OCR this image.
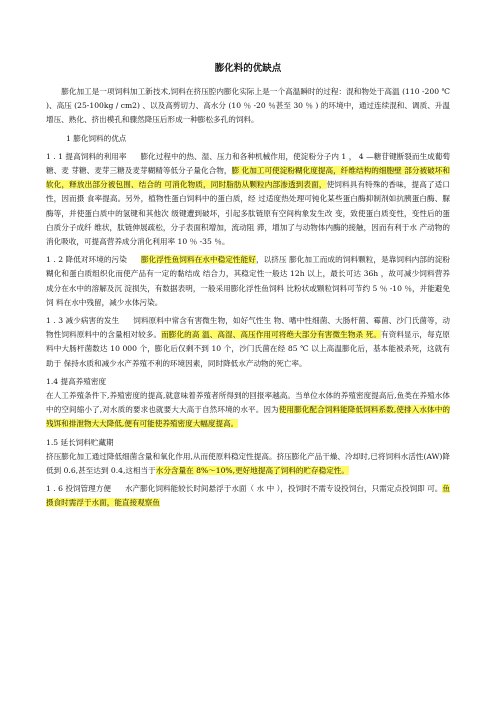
膨化料的优缺点

膨化加工是一项饲料加工新技术,饲料在挤压腔内膨化实际上是一个高温瞬时的过程：混和物处于高温 (110 -200 ℃ )、高压 (25-100kg / cm2) 、以及高剪切力、高水分 (10 ％ -20 ％甚至 30 ％ ) 的环境中，通过连续混和、调质、升温增压、熟化、挤出模孔和骤然降压后形成一种膨松多孔的饲料。

1 膨化饲料的优点

1 . 1 提高饲料的利用率 膨化过程中的热、湿、压力和各种机械作用，使淀粉分子内 1 ， 4 —糖苷键断裂而生成葡萄糖、麦 芽糖、麦芽三糖及麦芽糊精等低分子量化合物，膨 化加工可使淀粉糊化度提高，纤维结构的细胞壁 部分被破坏和软化，释放出部分被包围、结合的 可消化物质，同时脂肪从颗粒内部渗透到表面，使饲料具有特殊的香味，提高了适口性，因而摄 食率提高。另外，植物性蛋白饲料中的蛋白质，经 过适度热处理可钝化某些蛋白酶抑制剂如抗胰蛋白酶、脲酶等，并使蛋白质中的氢键和其他次 级键遭到破坏，引起多肽链原有空间构象发生改 变，致使蛋白质变性，变性后的蛋白质分子成纤 维状，肽链伸展疏松，分子表面积增加，流动阻 滞，增加了与动物体内酶的接触，因而有利于水 产动物的消化吸收，可提高营养成分消化利用率 10 ％ -35 ％。

1 . 2 降低对环境的污染 膨化浮性鱼饲料在水中稳定性能好，以挤压 膨化加工而成的饲料颗粒，是靠饲料内部的淀粉 糊化和蛋白质组织化而使产品有一定的黏结成 结合力，其稳定性一般达 12h 以上，最长可达 36h ，故可减少饲料营养成分在水中的溶解及沉 淀损失，有数据表明，一般采用膨化浮性鱼饲料 比粉状或颗粒饲料可节约 5 ％ -10 ％，并能避免饲 料在水中残留，减少水体污染。

1 . 3 减少病害的发生 饲料原料中常含有害微生物，如好气性生 物、嗜中性细菌、大肠杆菌、霉菌、沙门氏菌等，动 物性饲料原料中的含量相对较多。而膨化的高 温、高湿、高压作用可将绝大部分有害微生物杀 死。有资料显示，每克原料中大肠杆菌数达 10 000 个，膨化后仅剩不到 10 个，沙门氏菌在经 85 ℃ 以上高温膨化后，基本能被杀死，这就有助于 保持水质和减少水产养殖不利的环境因素，同时降低水产动物的死亡率。

1.4 提高养殖密度

在人工养殖条件下,养殖密度的提高,就意味着养殖者所得到的回报率越高。当单位水体的养殖密度提高后,鱼类在养殖水体中的空间缩小了,对水质的要求也就要大大高于自然环境的水平。因为使用膨化配合饲料能降低饲料系数,使排入水体中的残饵和排泄物大大降低,便有可能使养殖密度大幅度提高。

1.5 延长饲料贮藏期

挤压膨化加工通过降低细菌含量和氧化作用,从而使原料稳定性提高。挤压膨化产品干燥、冷却时,已将饲料水活性(AW)降低到 0.6,甚至达到 0.4,这相当于水分含量在 8%～10%,更好地提高了饲料的贮存稳定性。

1 . 6 投饲管理方便 水产膨化饲料能较长时间悬浮于水面（ 水 中 ），投饲时不需专设投饲台，只需定点投饲即 可。鱼摄食时需浮于水面，能直接观察鱼
